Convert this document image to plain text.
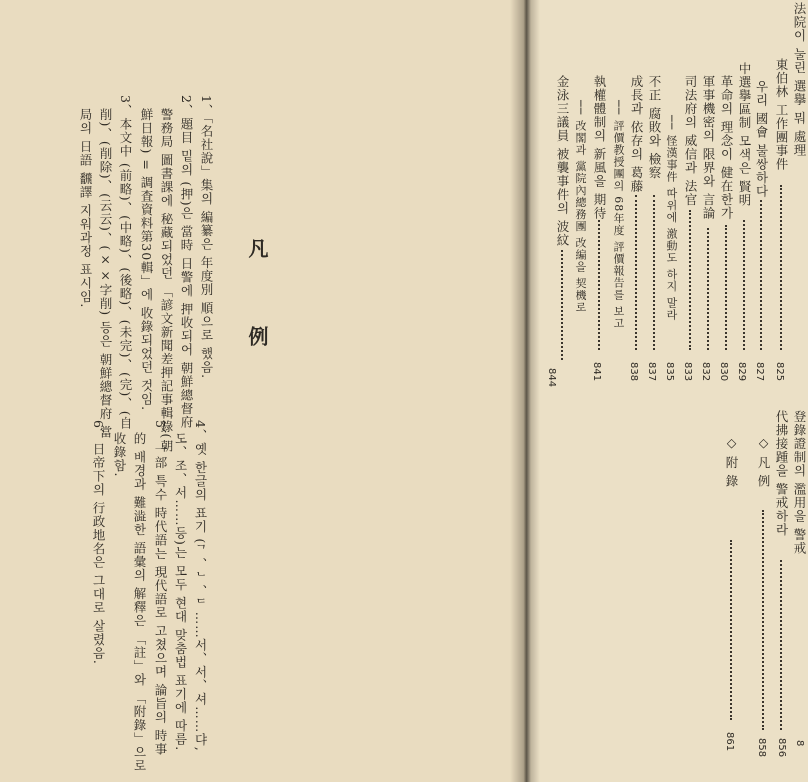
凡
例
1、「名社說」集의 編纂은 年度別 順으로 했음.
2、題目 밑의 (押)은 當時 日警에 押收되어 朝鮮總督府
警務局 圖書課에 秘藏되었던 「諺文新聞差押記事輯錄(朝
鮮日報) = 調査資料第30輯」에 收錄되었던 것임.
3、本文中 (前略)、(中略)、(後略)、(未完)、(完)、(自
削)、(削除)、(云云)、(××字削) 등은 朝鮮總督府 當
局의 日語 飜譯 지워과정 표시임.
4、옛 한글의 표기 (ᄀ、ᄂ、ᄃ……서、서、셔……댜,
도、조、서……등)는 모두 현대 맞춤법 표기에 따름.
5、一部 특수 時代語는 現代語로 고쳤으며 論旨의 時事
的 배경과 難澁한 語彙의 解釋은 「註」와 「附錄」으로
收錄함.
6、日帝下의 行政地名은 그대로 살렸음.
法院이 눌린 選擧 뭐 處理
東伯林 工作團事件
825
우리 國會 불쌍하다
827
中選擧區制 모색은 賢明
829
革命의 理念이 健在한가
830
軍事機密의 限界와 言論
832
司法府의 威信과 法官
833
── 怪漢事件 따위에 激動도 하지 말라
835
不正 腐敗와 檢察
837
成長과 依存의 葛藤
838
── 評價教授團의 68年度 評價報告를 보고
執權體制의 新風을 期待
841
── 改閣과 黨院內總務團 改編을 契機로
金泳三議員 被襲事件의 波紋
844
登錄證制의 濫用을 警戒
8
代拂接踵을 警戒하라
856
◇ 凡 例
858
◇ 附 錄
861
